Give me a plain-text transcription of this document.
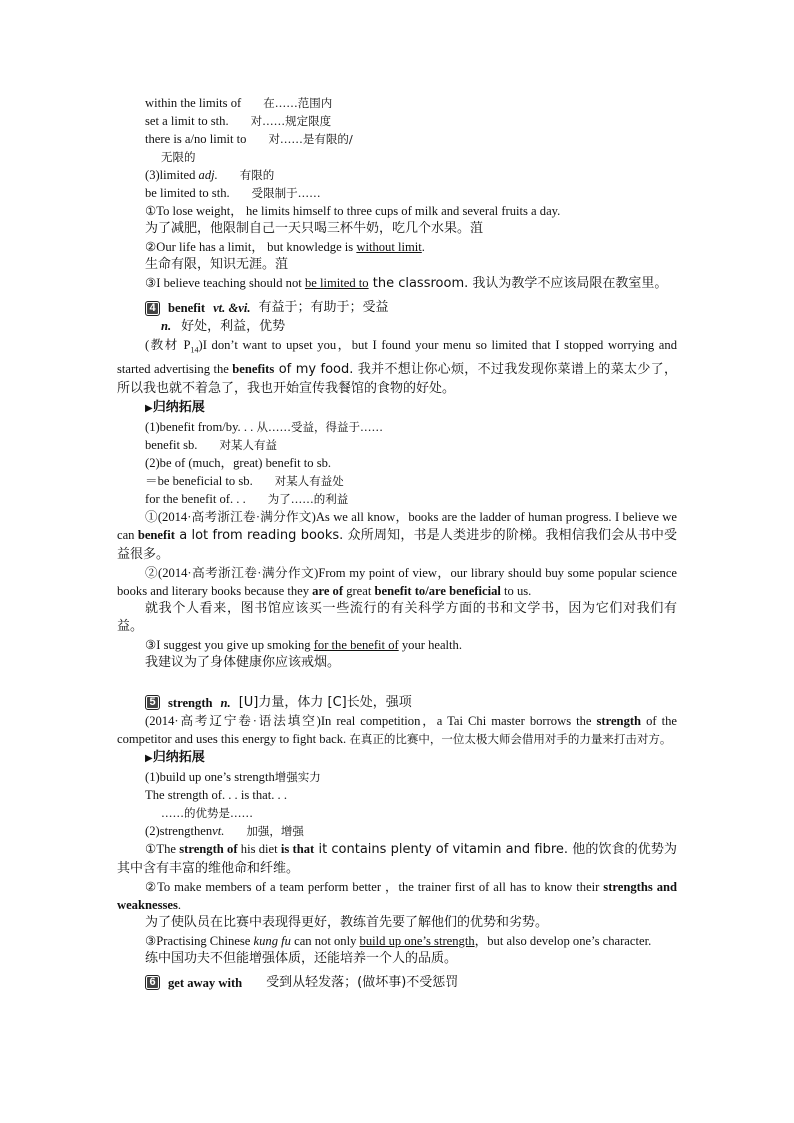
within the limits of 在……范围内
set a limit to sth. 对……规定限度
there is a/no limit to 对……是有限的/
无限的
(3)limited adj. 有限的
be limited to sth. 受限制于……
①To lose weight， he limits himself to three cups of milk and several fruits a day.
为了减肥，他限制自己一天只喝三杯牛奶，吃几个水果。菹
②Our life has a limit， but knowledge is without limit.
生命有限，知识无涯。菹
③I believe teaching should not be limited to the classroom. 我认为教学不应该局限在教室里。
4
benefit vt. &vi. 有益于；有助于；受益
n. 好处，利益，优势
(教材 $P_{14})I$ don’t want to upset you，but I found your menu so limited that I stopped worrying and started advertising the benefits of my food. 我并不想让你心烦，不过我发现你菜谱上的菜太少了，所以我也就不着急了，我也开始宣传我餐馆的食物的好处。
▶归纳拓展
(1)benefit from/by. . . 从……受益，得益于……
benefit sb. 对某人有益
(2)be of (much，great) benefit to sb.
＝be beneficial to sb. 对某人有益处
for the benefit of. . . 为了……的利益
①(2014·高考浙江卷·满分作文)As we all know，books are the ladder of human progress. I believe we can benefit a lot from reading books. 众所周知，书是人类进步的阶梯。我相信我们会从书中受益很多。
②(2014·高考浙江卷·满分作文)From my point of view，our library should buy some popular science books and literary books because they are of great benefit to/are beneficial to us.
就我个人看来，图书馆应该买一些流行的有关科学方面的书和文学书，因为它们对我们有益。
③I suggest you give up smoking for the benefit of your health.
我建议为了身体健康你应该戒烟。
5
strength n. [U]力量，体力 [C]长处，强项
(2014·高考辽宁卷·语法填空)In real competition，a Tai Chi master borrows the strength of the competitor and uses this energy to fight back. 在真正的比赛中，一位太极大师会借用对手的力量来打击对方。
▶归纳拓展
(1)build up one’s strength增强实力
The strength of. . . is that. . .
……的优势是……
(2)strengthenvt. 加强，增强
①The strength of his diet is that it contains plenty of vitamin and fibre. 他的饮食的优势为其中含有丰富的维他命和纤维。
②To make members of a team perform better ，the trainer first of all has to know their strengths and weaknesses.
为了使队员在比赛中表现得更好，教练首先要了解他们的优势和劣势。
③Practising Chinese kung fu can not only build up one’s strength，but also develop one’s character.
练中国功夫不但能增强体质，还能培养一个人的品质。
6
get away with 受到从轻发落；(做坏事)不受惩罚
